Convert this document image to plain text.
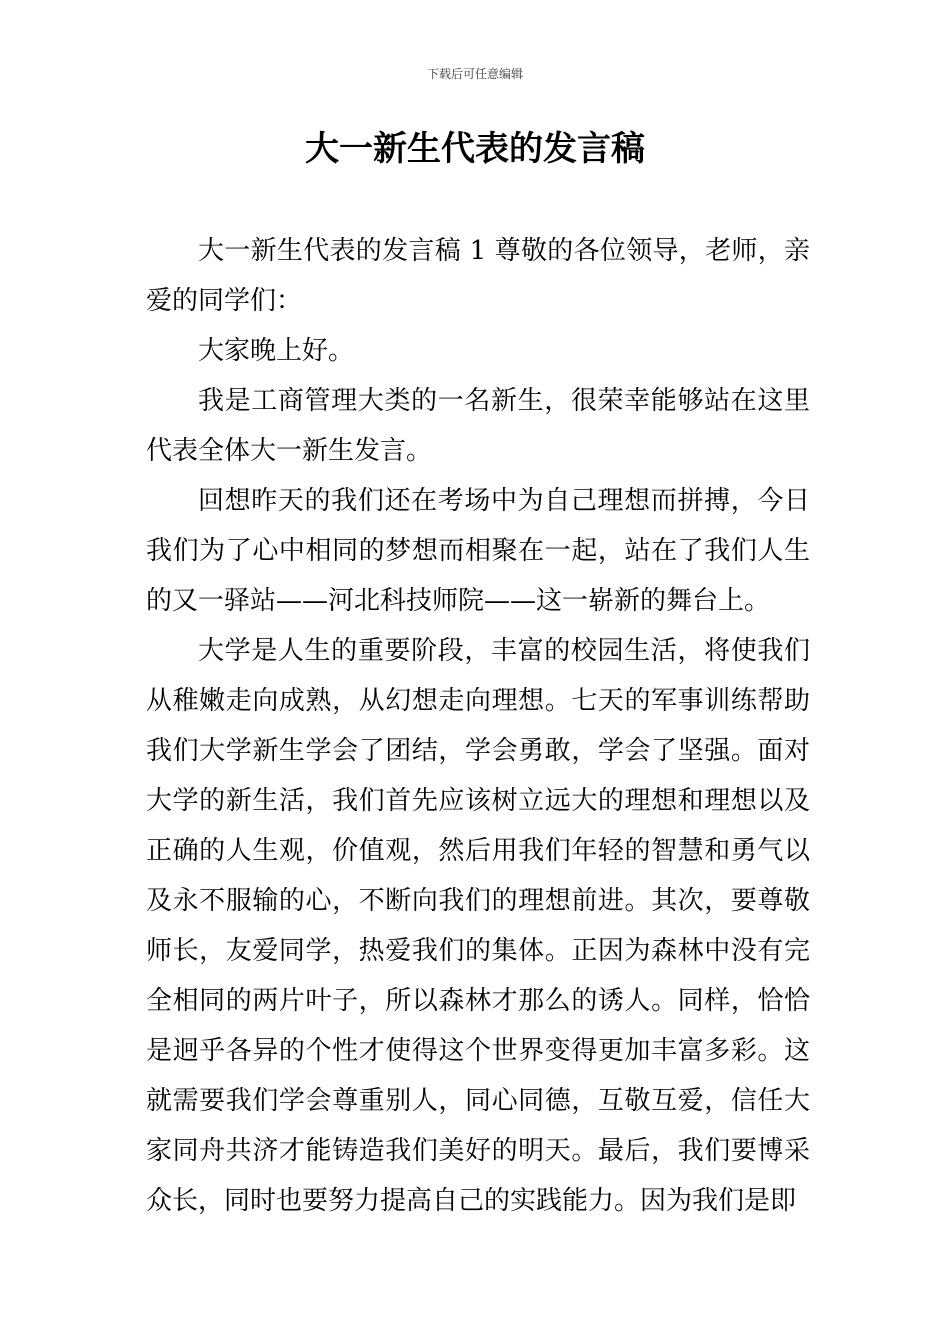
下载后可任意编辑
大一新生代表的发言稿

大一新生代表的发言稿 1 尊敬的各位领导，老师，亲爱的同学们：

大家晚上好。

我是工商管理大类的一名新生，很荣幸能够站在这里代表全体大一新生发言。

回想昨天的我们还在考场中为自己理想而拼搏，今日我们为了心中相同的梦想而相聚在一起，站在了我们人生的又一驿站——河北科技师院——这一崭新的舞台上。

大学是人生的重要阶段，丰富的校园生活，将使我们从稚嫩走向成熟，从幻想走向理想。七天的军事训练帮助我们大学新生学会了团结，学会勇敢，学会了坚强。面对大学的新生活，我们首先应该树立远大的理想和理想以及正确的人生观，价值观，然后用我们年轻的智慧和勇气以及永不服输的心，不断向我们的理想前进。其次，要尊敬师长，友爱同学，热爱我们的集体。正因为森林中没有完全相同的两片叶子，所以森林才那么的诱人。同样，恰恰是迥乎各异的个性才使得这个世界变得更加丰富多彩。这就需要我们学会尊重别人，同心同德，互敬互爱，信任大家同舟共济才能铸造我们美好的明天。最后，我们要博采众长，同时也要努力提高自己的实践能力。因为我们是即
